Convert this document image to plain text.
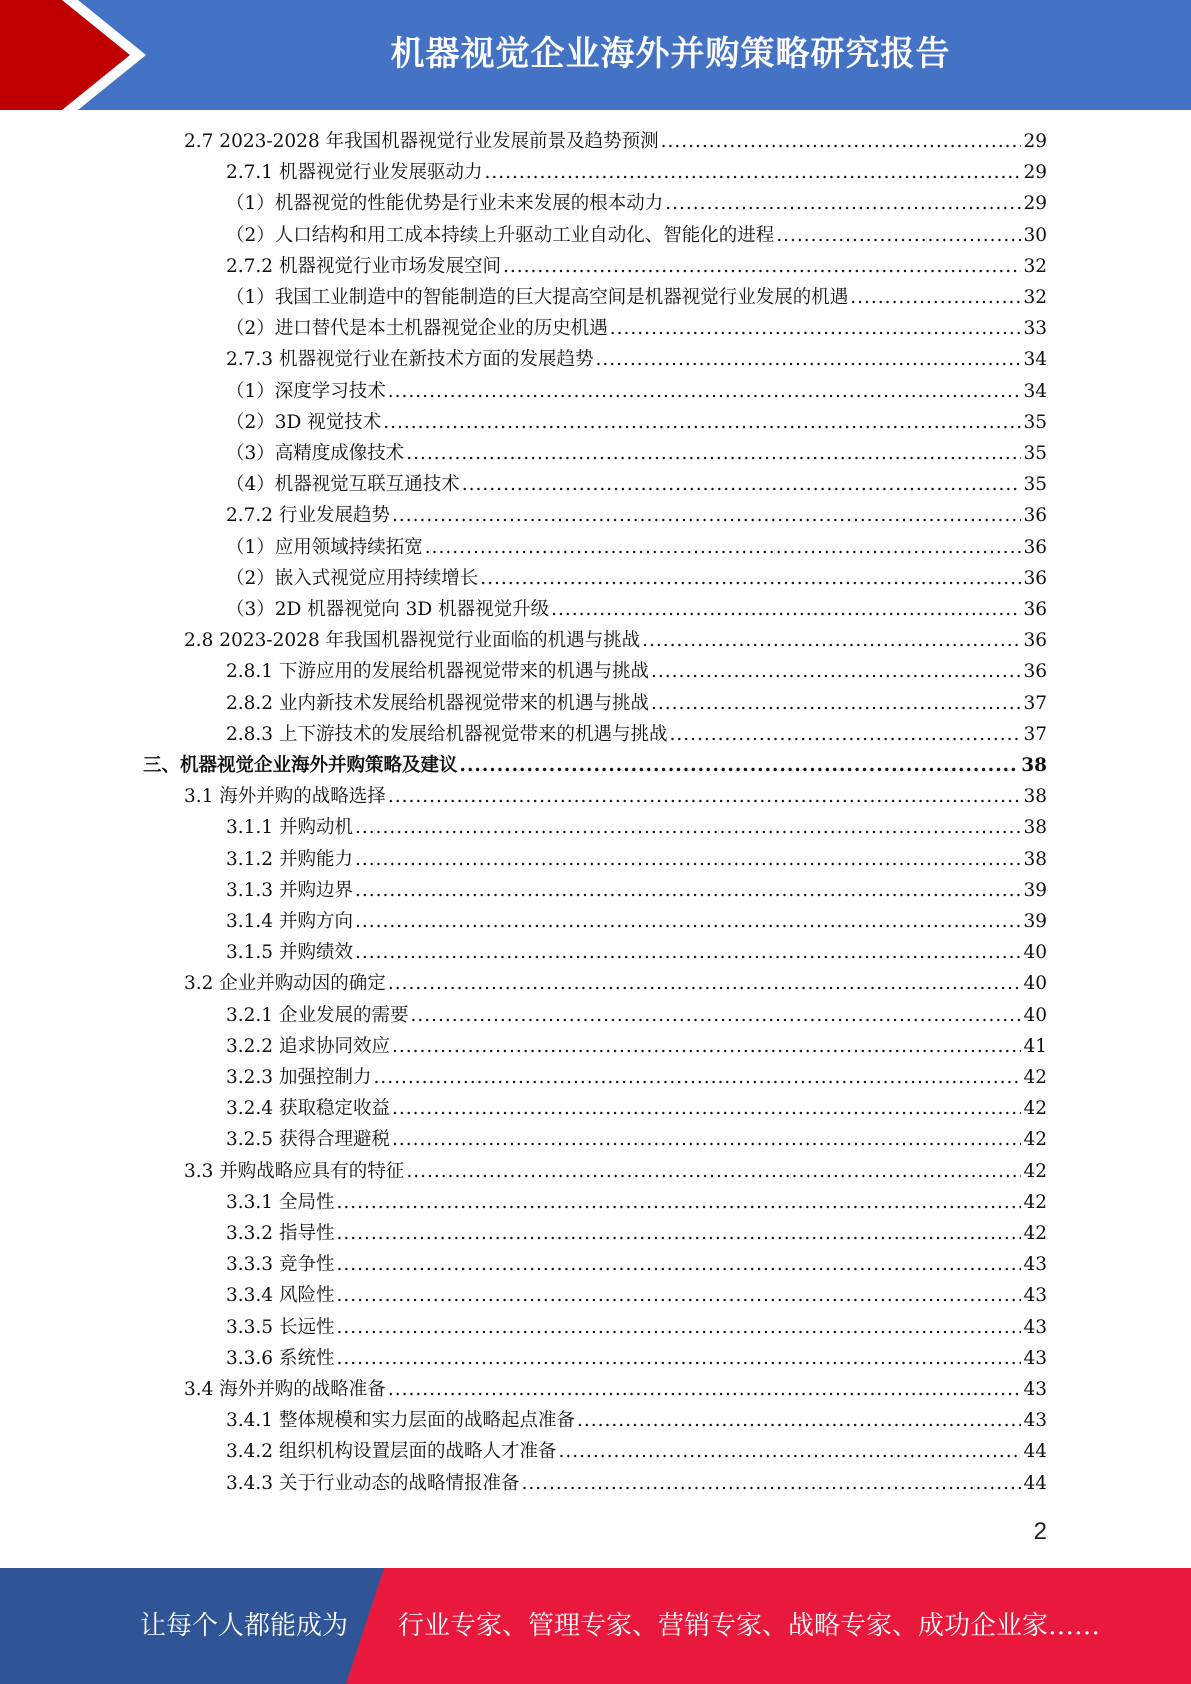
机器视觉企业海外并购策略研究报告
2.7 2023-2028 年我国机器视觉行业发展前景及趋势预测 .....	29
2.7.1 机器视觉行业发展驱动力 .....	29
（1）机器视觉的性能优势是行业未来发展的根本动力 .....	29
（2）人口结构和用工成本持续上升驱动工业自动化、智能化的进程 .....	30
2.7.2 机器视觉行业市场发展空间 .....	32
（1）我国工业制造中的智能制造的巨大提高空间是机器视觉行业发展的机遇 .....	32
（2）进口替代是本土机器视觉企业的历史机遇 .....	33
2.7.3 机器视觉行业在新技术方面的发展趋势 .....	34
（1）深度学习技术 .....	34
（2）3D 视觉技术 .....	35
（3）高精度成像技术 .....	35
（4）机器视觉互联互通技术 .....	35
2.7.2 行业发展趋势 .....	36
（1）应用领域持续拓宽 .....	36
（2）嵌入式视觉应用持续增长 .....	36
（3）2D 机器视觉向 3D 机器视觉升级 .....	36
2.8 2023-2028 年我国机器视觉行业面临的机遇与挑战 .....	36
2.8.1 下游应用的发展给机器视觉带来的机遇与挑战 .....	36
2.8.2 业内新技术发展给机器视觉带来的机遇与挑战 .....	37
2.8.3 上下游技术的发展给机器视觉带来的机遇与挑战 .....	37
三、机器视觉企业海外并购策略及建议 .....	38
3.1 海外并购的战略选择 .....	38
3.1.1 并购动机 .....	38
3.1.2 并购能力 .....	38
3.1.3 并购边界 .....	39
3.1.4 并购方向 .....	39
3.1.5 并购绩效 .....	40
3.2 企业并购动因的确定 .....	40
3.2.1 企业发展的需要 .....	40
3.2.2 追求协同效应 .....	41
3.2.3 加强控制力 .....	42
3.2.4 获取稳定收益 .....	42
3.2.5 获得合理避税 .....	42
3.3 并购战略应具有的特征 .....	42
3.3.1 全局性 .....	42
3.3.2 指导性 .....	42
3.3.3 竞争性 .....	43
3.3.4 风险性 .....	43
3.3.5 长远性 .....	43
3.3.6 系统性 .....	43
3.4 海外并购的战略准备 .....	43
3.4.1 整体规模和实力层面的战略起点准备 .....	43
3.4.2 组织机构设置层面的战略人才准备 .....	44
3.4.3 关于行业动态的战略情报准备 .....	44
2
让每个人都能成为 行业专家、管理专家、营销专家、战略专家、成功企业家……
